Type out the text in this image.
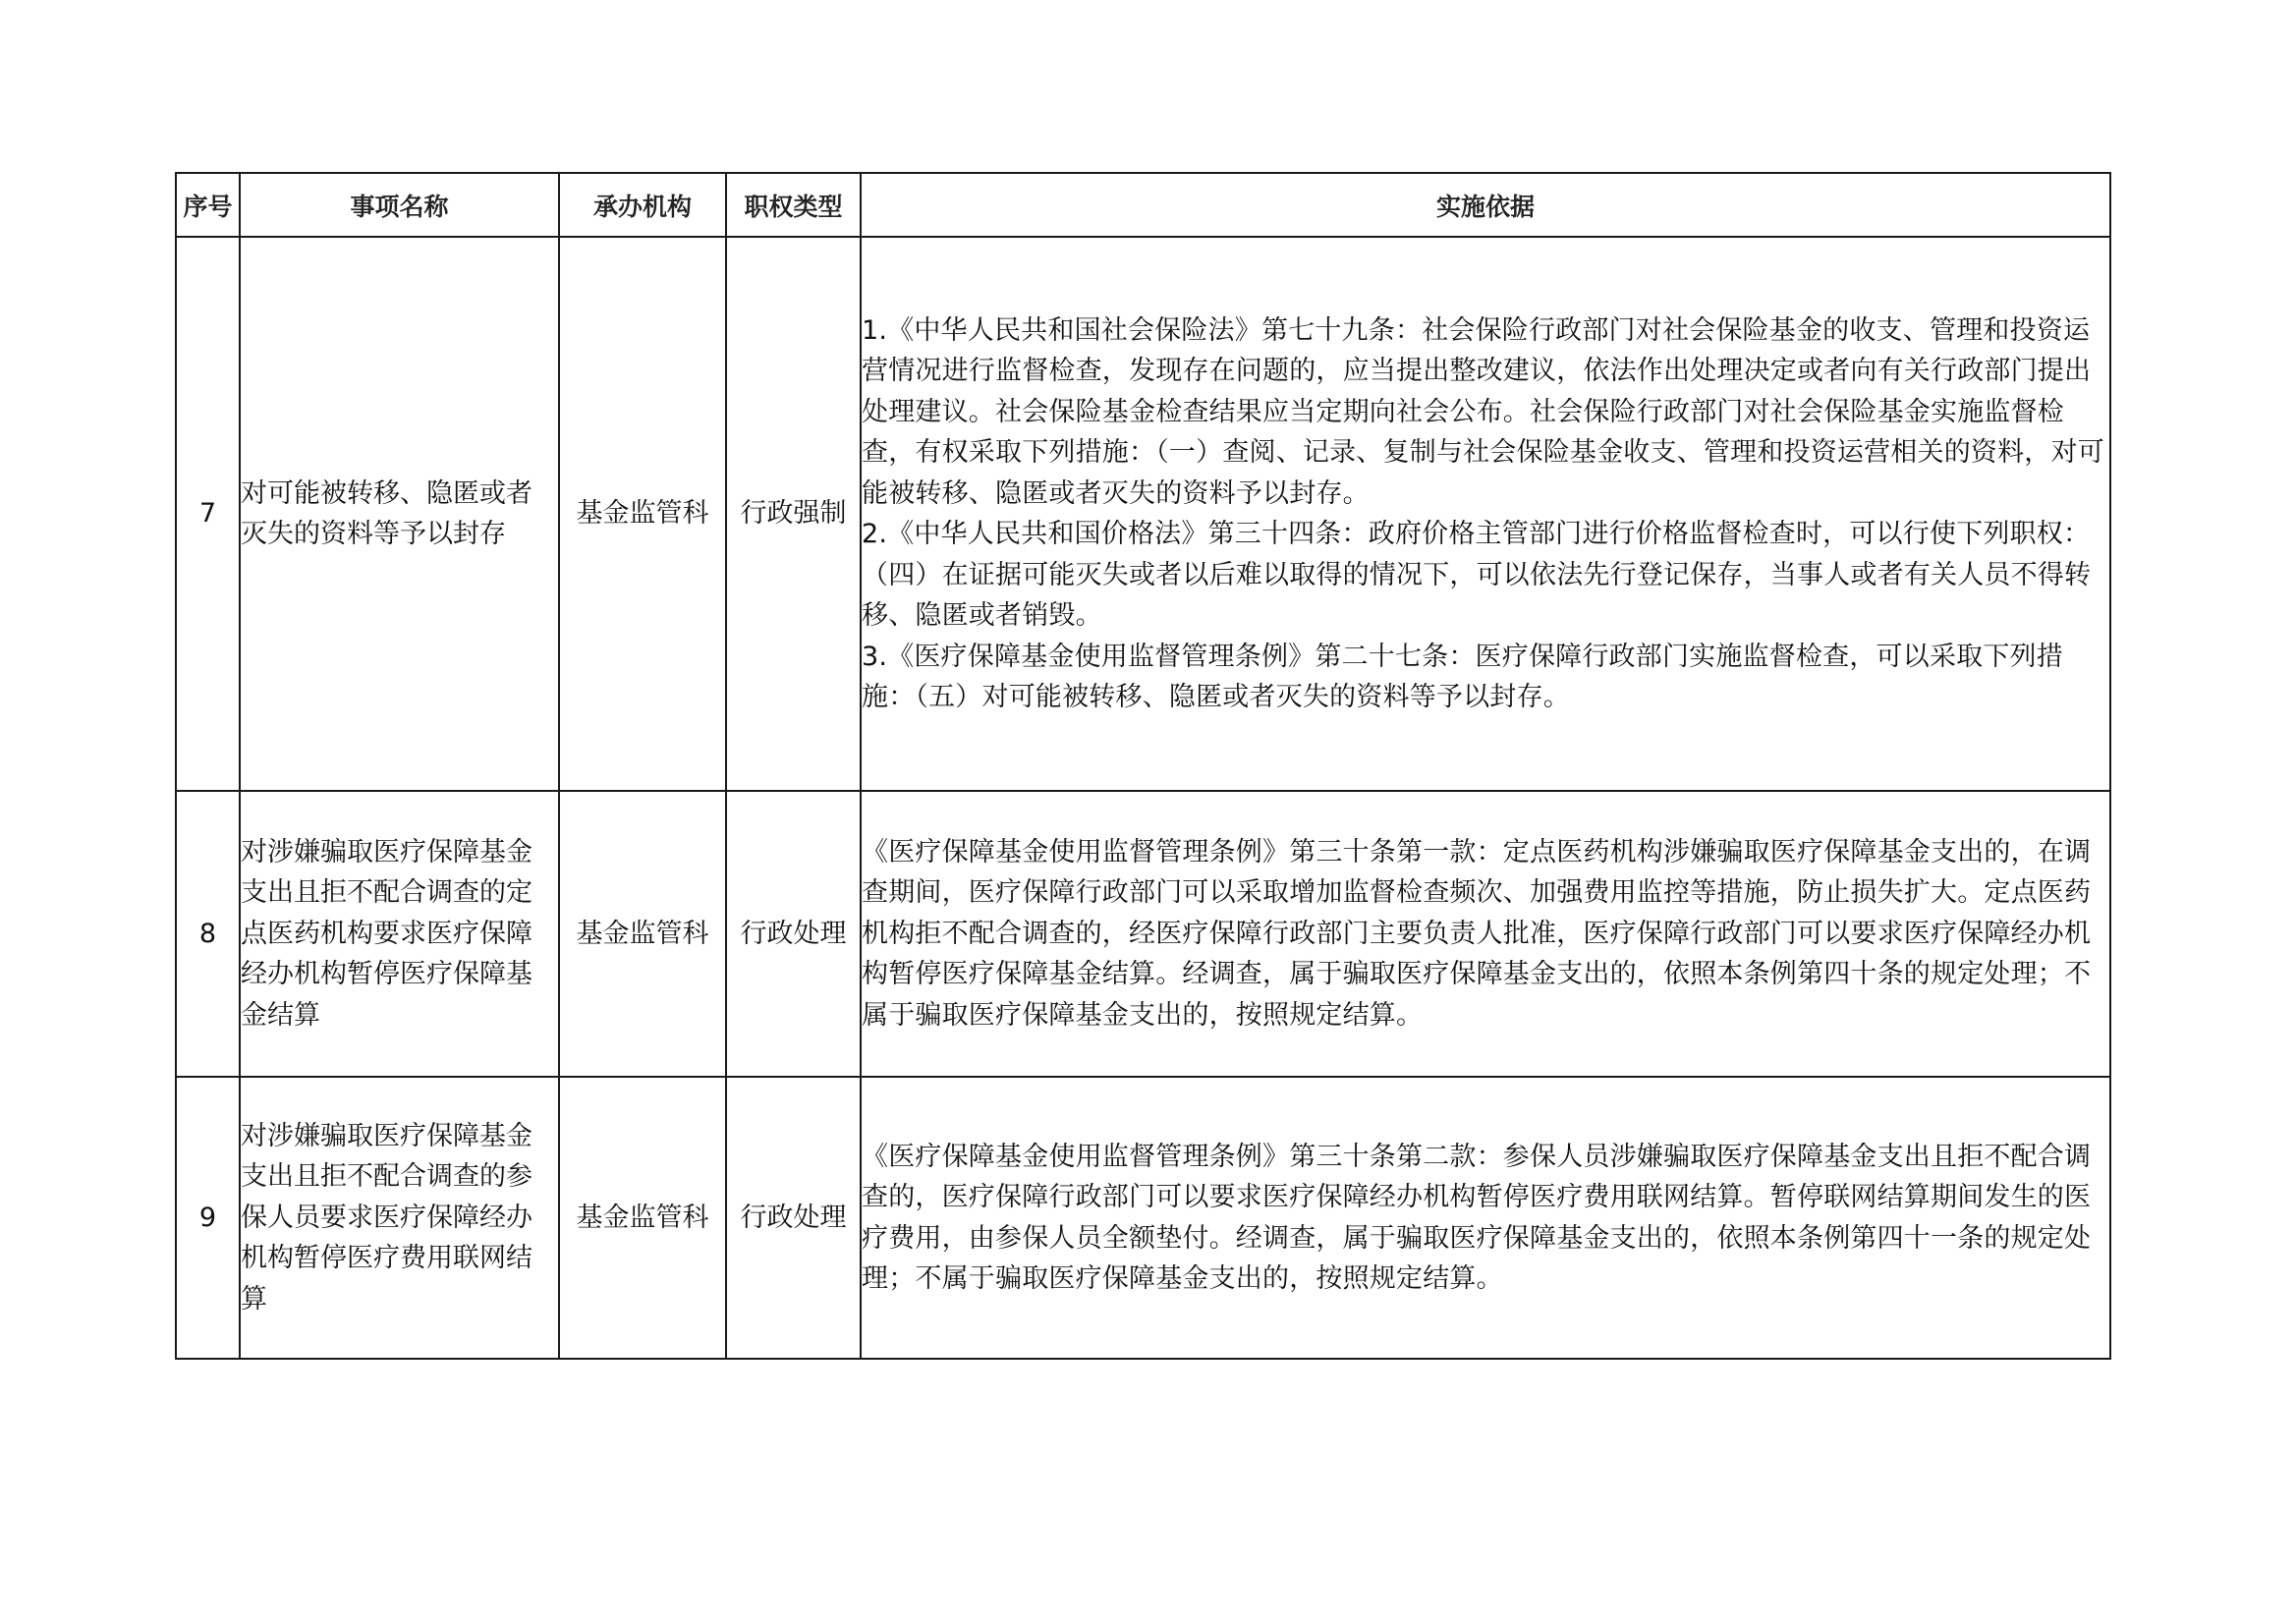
序号	事项名称	承办机构	职权类型	实施依据
7	对可能被转移、隐匿或者灭失的资料等予以封存	基金监管科	行政强制	1.《中华人民共和国社会保险法》第七十九条：社会保险行政部门对社会保险基金的收支、管理和投资运营情况进行监督检查，发现存在问题的，应当提出整改建议，依法作出处理决定或者向有关行政部门提出处理建议。社会保险基金检查结果应当定期向社会公布。社会保险行政部门对社会保险基金实施监督检查，有权采取下列措施：（一）查阅、记录、复制与社会保险基金收支、管理和投资运营相关的资料，对可能被转移、隐匿或者灭失的资料予以封存。
2.《中华人民共和国价格法》第三十四条：政府价格主管部门进行价格监督检查时，可以行使下列职权：（四）在证据可能灭失或者以后难以取得的情况下，可以依法先行登记保存，当事人或者有关人员不得转移、隐匿或者销毁。
3.《医疗保障基金使用监督管理条例》第二十七条：医疗保障行政部门实施监督检查，可以采取下列措施：（五）对可能被转移、隐匿或者灭失的资料等予以封存。

8	对涉嫌骗取医疗保障基金支出且拒不配合调查的定点医药机构要求医疗保障经办机构暂停医疗保障基金结算	基金监管科	行政处理	《医疗保障基金使用监督管理条例》第三十条第一款：定点医药机构涉嫌骗取医疗保障基金支出的，在调查期间，医疗保障行政部门可以采取增加监督检查频次、加强费用监控等措施，防止损失扩大。定点医药机构拒不配合调查的，经医疗保障行政部门主要负责人批准，医疗保障行政部门可以要求医疗保障经办机构暂停医疗保障基金结算。经调查，属于骗取医疗保障基金支出的，依照本条例第四十条的规定处理；不属于骗取医疗保障基金支出的，按照规定结算。

9	对涉嫌骗取医疗保障基金支出且拒不配合调查的参保人员要求医疗保障经办机构暂停医疗费用联网结算	基金监管科	行政处理	《医疗保障基金使用监督管理条例》第三十条第二款：参保人员涉嫌骗取医疗保障基金支出且拒不配合调查的，医疗保障行政部门可以要求医疗保障经办机构暂停医疗费用联网结算。暂停联网结算期间发生的医疗费用，由参保人员全额垫付。经调查，属于骗取医疗保障基金支出的，依照本条例第四十一条的规定处理；不属于骗取医疗保障基金支出的，按照规定结算。
